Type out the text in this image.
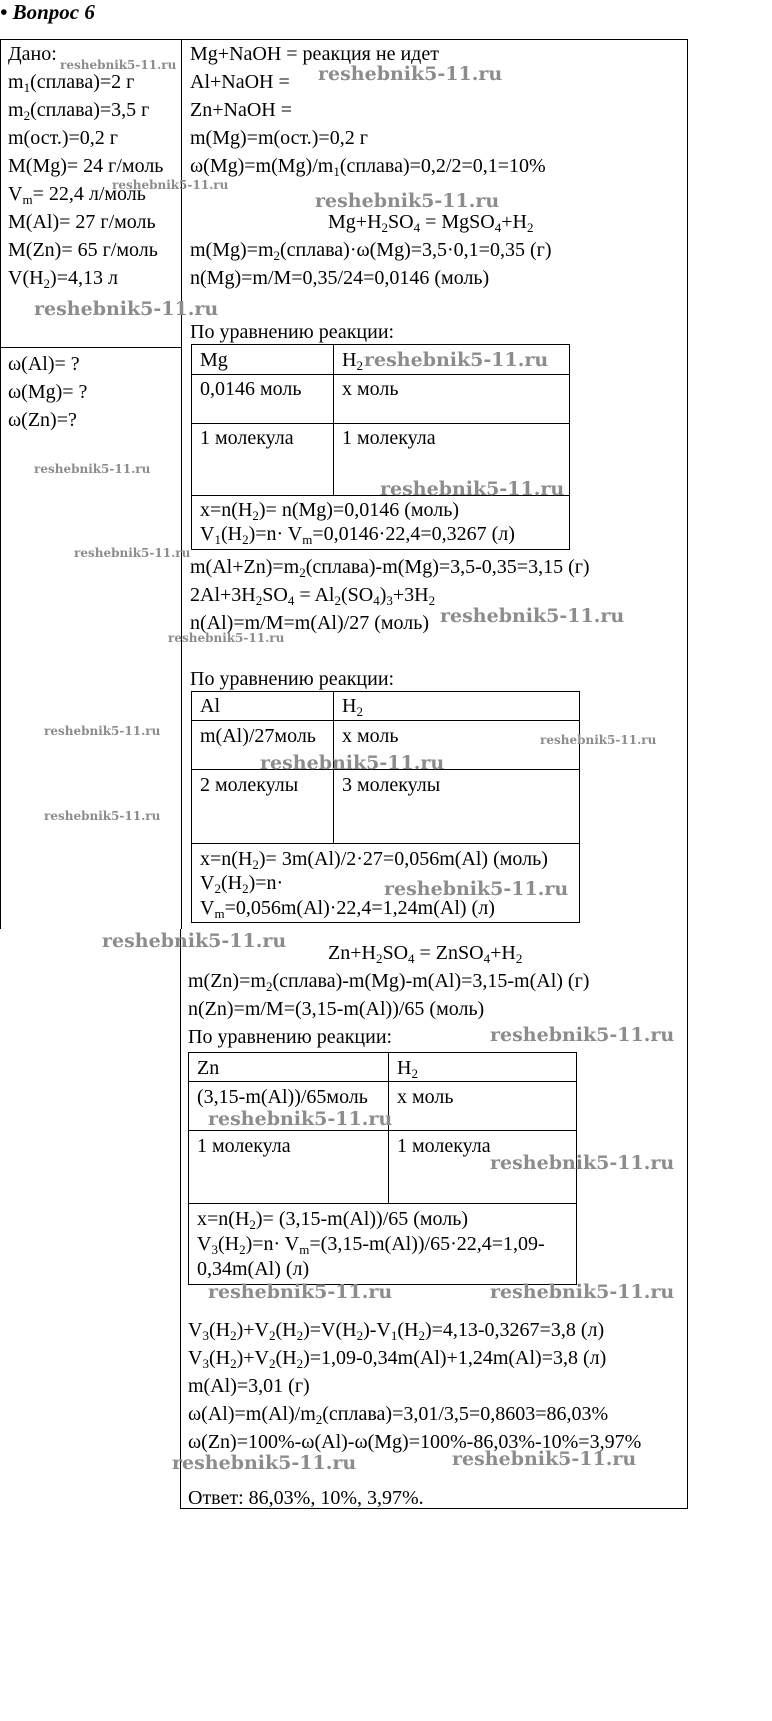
• Вопрос 6
Дано:
$m_1(сплава)=2$ г
$m_2(сплава)=3,5$ г
m(ост.)=0,2 г
M(Mg)= 24 г/моль
$V_m= 22,4$ л/моль
M(Al)= 27 г/моль
M(Zn)= 65 г/моль
$V(H_2)=4,13$ л
ω(Al)= ?
ω(Mg)= ?
ω(Zn)=?
Mg+NaOH = реакция не идет
Al+NaOH =
Zn+NaOH =
m(Mg)=m(ост.)=0,2 г
$\omega(Mg)=m(Mg)/m_1(сплава)=0,2/2=0,1=10\%$
$Mg+H_2SO_4$ = $MgSO_4+H_2$
$m(Mg)=m_2(сплава)\cdot\omega(Mg)=3,5\cdot 0,1=0,35$ (г)
n(Mg)=m/M=0,35/24=0,0146 (моль)
По уравнению реакции:
Mg	$H_2$
0,0146 моль x моль
1 молекула 1 молекула
$x=n(H_2)= n(Mg)=0,0146$ (моль)
$V_1(H_2)=n\cdot V_m=0,0146\cdot 22,4=0,3267$ (л)
$m(Al+Zn)=m_2(сплава)-m(Mg)=3,5-0,35=3,15$ (г)
$2Al+3H_2SO_4 = Al_2(SO_4)_3+3H_2$
n(Al)=m/M=m(Al)/27 (моль)
По уравнению реакции:
Al	$H_2$
m(Al)/27моль x моль
2 молекулы 3 молекулы
$x=n(H_2)= 3m(Al)/2\cdot 27=0,056m(Al)$ (моль)
$V_2(H_2)=n\cdot$
$V_m=0,056m(Al)\cdot 22,4=1,24m(Al)$ (л)
$Zn+H_2SO_4$ = $ZnSO_4+H_2$
$m(Zn)=m_2(сплава)-m(Mg)-m(Al)=3,15-m(Al)$ (г)
n(Zn)=m/M=(3,15-m(Al))/65 (моль)
По уравнению реакции:
Zn	$H_2$
(3,15-m(Al))/65моль x моль
1 молекула	1 молекула
$x=n(H_2)= (3,15-m(Al))/65$ (моль)
$V_3(H_2)=n\cdot V_m=(3,15-m(Al))/65\cdot 22,4=1,09-$
0,34m(Al) (л)
$V_3(H_2)+V_2(H_2)=V(H_2)-V_1(H_2)=4,13-0,3267=3,8$ (л)
$V_3(H_2)+V_2(H_2)=1,09-0,34m(Al)+1,24m(Al)=3,8$ (л)
m(Al)=3,01 (г)
$\omega(Al)=m(Al)/m_2(сплава)=3,01/3,5=0,8603=86,03\%$
ω(Zn)=100%-ω(Al)-ω(Mg)=100%-86,03%-10%=3,97%
Ответ: 86,03%, 10%, 3,97%.
reshebnik5-11.ru	reshebnik5-11.ru
reshebnik5-11.ru
reshebnik5-11.ru
reshebnik5-11.ru
reshebnik5-11.ru
reshebnik5-11.ru
reshebnik5-11.ru
reshebnik5-11.ru
reshebnik5-11.ru
reshebnik5-11.ru
reshebnik5-11.ru
reshebnik5-11.ru
reshebnik5-11.ru
reshebnik5-11.ru
reshebnik5-11.ru
reshebnik5-11.ru
reshebnik5-11.ru
reshebnik5-11.ru
reshebnik5-11.ru
reshebnik5-11.ru	reshebnik5-11.ru
reshebnik5-11.ru	reshebnik5-11.ru
